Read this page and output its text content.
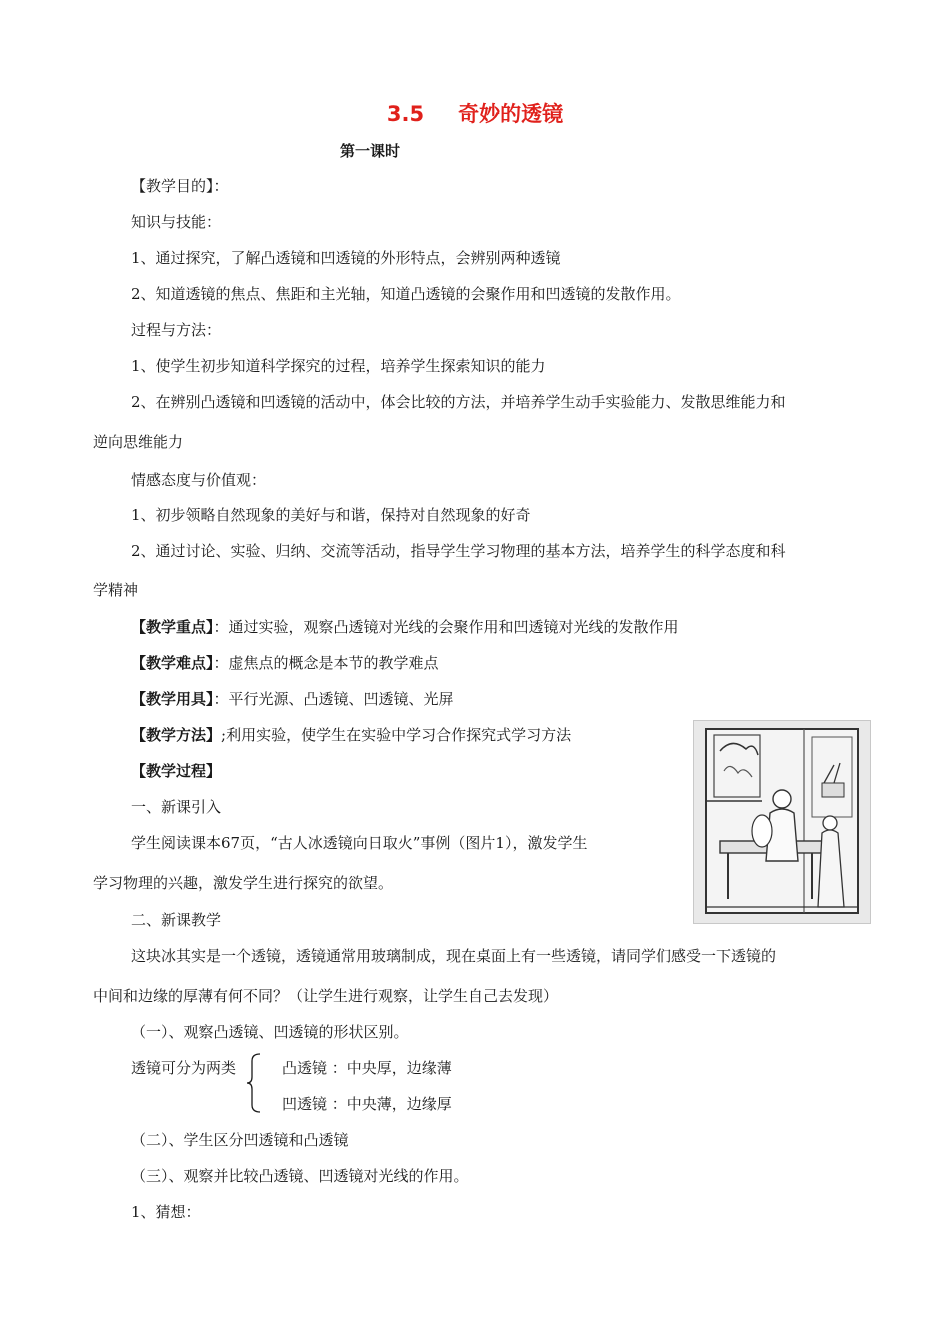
3.5 奇妙的透镜
第一课时
【教学目的】：
知识与技能：
1、通过探究，了解凸透镜和凹透镜的外形特点，会辨别两种透镜
2、知道透镜的焦点、焦距和主光轴，知道凸透镜的会聚作用和凹透镜的发散作用。
过程与方法：
1、使学生初步知道科学探究的过程，培养学生探索知识的能力
2、在辨别凸透镜和凹透镜的活动中，体会比较的方法，并培养学生动手实验能力、发散思维能力和
逆向思维能力
情感态度与价值观：
1、初步领略自然现象的美好与和谐，保持对自然现象的好奇
2、通过讨论、实验、归纳、交流等活动，指导学生学习物理的基本方法，培养学生的科学态度和科
学精神
【教学重点】：通过实验，观察凸透镜对光线的会聚作用和凹透镜对光线的发散作用
【教学难点】：虚焦点的概念是本节的教学难点
【教学用具】：平行光源、凸透镜、凹透镜、光屏
【教学方法】;利用实验，使学生在实验中学习合作探究式学习方法
【教学过程】
一、新课引入
学生阅读课本67页，“古人冰透镜向日取火”事例（图片1），激发学生
学习物理的兴趣，激发学生进行探究的欲望。
二、新课教学
这块冰其实是一个透镜，透镜通常用玻璃制成，现在桌面上有一些透镜，请同学们感受一下透镜的
中间和边缘的厚薄有何不同？（让学生进行观察，让学生自己去发现）
（一）、观察凸透镜、凹透镜的形状区别。
透镜可分为两类	凸透镜 ：中央厚，边缘薄
凹透镜 ：中央薄，边缘厚
（二）、学生区分凹透镜和凸透镜
（三）、观察并比较凸透镜、凹透镜对光线的作用。
1、猜想：
